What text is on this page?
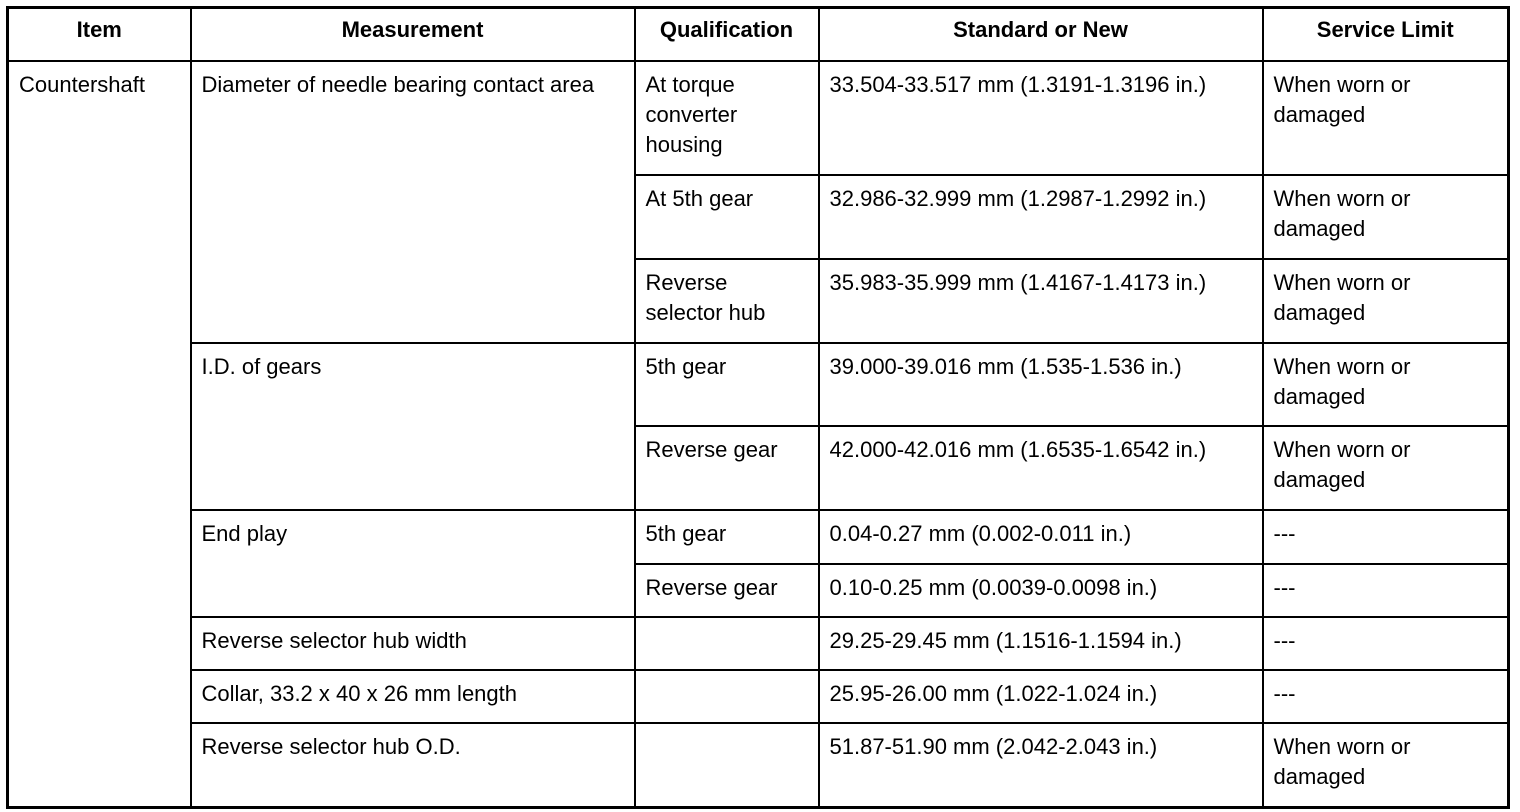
Item	Measurement	Qualification	Standard or New	Service Limit
Countershaft	Diameter of needle bearing contact area	At torque converter housing	33.504-33.517 mm (1.3191-1.3196 in.)	When worn or damaged
		At 5th gear	32.986-32.999 mm (1.2987-1.2992 in.)	When worn or damaged
		Reverse selector hub	35.983-35.999 mm (1.4167-1.4173 in.)	When worn or damaged
	I.D. of gears	5th gear	39.000-39.016 mm (1.535-1.536 in.)	When worn or damaged
		Reverse gear	42.000-42.016 mm (1.6535-1.6542 in.)	When worn or damaged
	End play	5th gear	0.04-0.27 mm (0.002-0.011 in.)	---
		Reverse gear	0.10-0.25 mm (0.0039-0.0098 in.)	---
	Reverse selector hub width		29.25-29.45 mm (1.1516-1.1594 in.)	---
	Collar, 33.2 x 40 x 26 mm length		25.95-26.00 mm (1.022-1.024 in.)	---
	Reverse selector hub O.D.		51.87-51.90 mm (2.042-2.043 in.)	When worn or damaged
